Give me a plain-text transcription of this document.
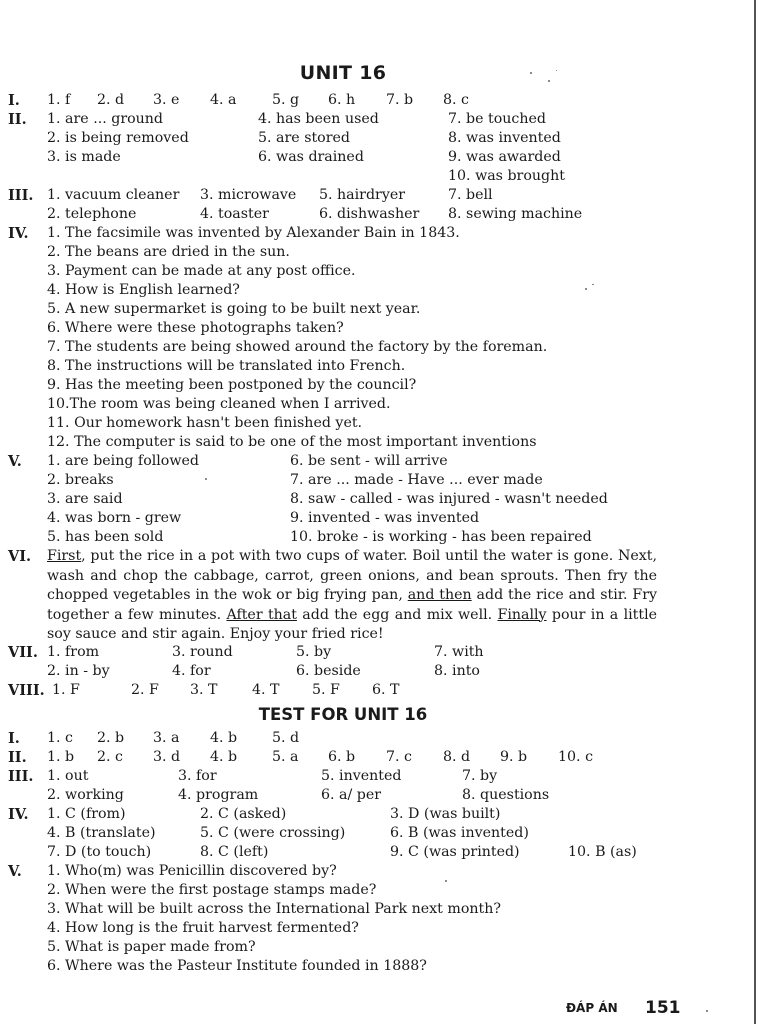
UNIT 16
I. 1. f 2. d 3. e 4. a 5. g 6. h 7. b 8. c
II. 1. are ... ground	4. has been used	7. be touched
2. is being removed	5. are stored	8. was invented
3. is made	6. was drained	9. was awarded
10. was brought
III. 1. vacuum cleaner 3. microwave 5. hairdryer	7. bell
2. telephone	4. toaster	6. dishwasher 8. sewing machine
IV. 1. The facsimile was invented by Alexander Bain in 1843.
2. The beans are dried in the sun.
3. Payment can be made at any post office.
4. How is English learned?
5. A new supermarket is going to be built next year.
6. Where were these photographs taken?
7. The students are being showed around the factory by the foreman.
8. The instructions will be translated into French.
9. Has the meeting been postponed by the council?
10.The room was being cleaned when I arrived.
11. Our homework hasn't been finished yet.
12. The computer is said to be one of the most important inventions
V. 1. are being followed	6. be sent - will arrive
2. breaks	7. are ... made - Have ... ever made
3. are said	8. saw - called - was injured - wasn't needed
4. was born - grew	9. invented - was invented
5. has been sold	10. broke - is working - has been repaired
VI. First, put the rice in a pot with two cups of water. Boil until the water is gone. Next, wash and chop the cabbage, carrot, green onions, and bean sprouts. Then fry the chopped vegetables in the wok or big frying pan, and then add the rice and stir. Fry together a few minutes. After that add the egg and mix well. Finally pour in a little soy sauce and stir again. Enjoy your fried rice!
VII. 1. from	3. round	5. by	7. with
2. in - by	4. for	6. beside	8. into
VIII. 1. F	2. F 3. T 4. T 5. F 6. T
TEST FOR UNIT 16
I. 1. c 2. b 3. a 4. b 5. d
II. 1. b 2. c 3. d 4. b 5. a 6. b 7. c 8. d 9. b 10. c
III. 1. out	3. for	5. invented	7. by
2. working	4. program	6. a/ per	8. questions
IV. 1. C (from)	2. C (asked)	3. D (was built)
4. B (translate)	5. C (were crossing)	6. B (was invented)
7. D (to touch)	8. C (left)	9. C (was printed)	10. B (as)
V. 1. Who(m) was Penicillin discovered by?
2. When were the first postage stamps made?
3. What will be built across the International Park next month?
4. How long is the fruit harvest fermented?
5. What is paper made from?
6. Where was the Pasteur Institute founded in 1888?
ĐÁP ÁN 151
